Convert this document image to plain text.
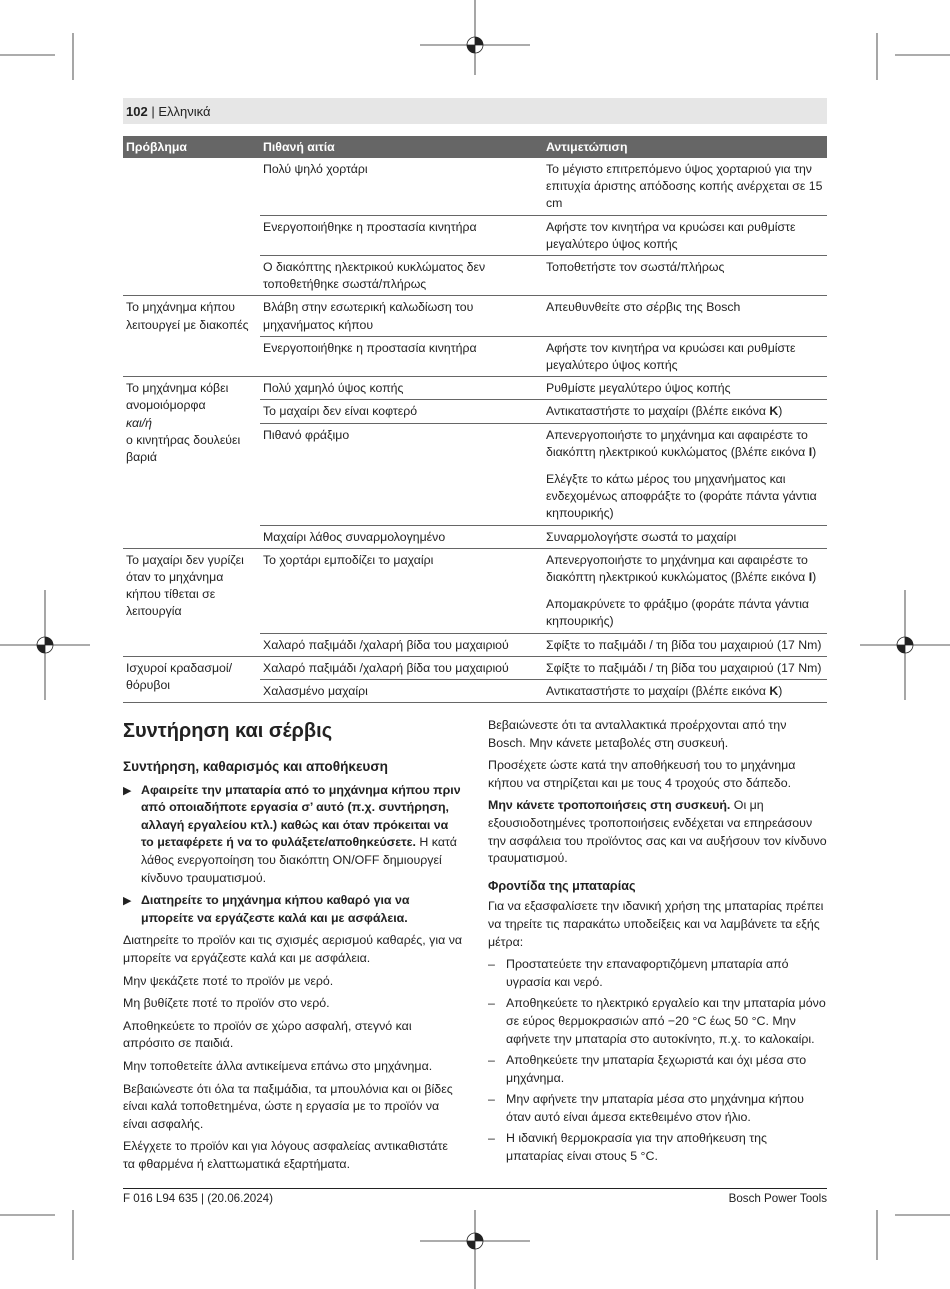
102 | Ελληνικά
Πρόβλημα	Πιθανή αιτία	Αντιμετώπιση
	Πολύ ψηλό χορτάρι	Το μέγιστο επιτρεπόμενο ύψος χορταριού για την επιτυχία άριστης απόδοσης κοπής ανέρχεται σε 15 cm
	Ενεργοποιήθηκε η προστασία κινητήρα	Αφήστε τον κινητήρα να κρυώσει και ρυθμίστε μεγαλύτερο ύψος κοπής
	Ο διακόπτης ηλεκτρικού κυκλώματος δεν τοποθετήθηκε σωστά/πλήρως	Τοποθετήστε τον σωστά/πλήρως
Το μηχάνημα κήπου λειτουργεί με διακοπές	Βλάβη στην εσωτερική καλωδίωση του μηχανήματος κήπου	Απευθυνθείτε στο σέρβις της Bosch
	Ενεργοποιήθηκε η προστασία κινητήρα	Αφήστε τον κινητήρα να κρυώσει και ρυθμίστε μεγαλύτερο ύψος κοπής

Το μηχάνημα κόβει ανομοιόμορφα
και/ή
ο κινητήρας δουλεύει βαριά	Πολύ χαμηλό ύψος κοπής	Ρυθμίστε μεγαλύτερο ύψος κοπής
	Το μαχαίρι δεν είναι κοφτερό	Αντικαταστήστε το μαχαίρι (βλέπε εικόνα K)
	Πιθανό φράξιμο	Απενεργοποιήστε το μηχάνημα και αφαιρέστε το διακόπτη ηλεκτρικού κυκλώματος (βλέπε εικόνα I)
		Ελέγξτε το κάτω μέρος του μηχανήματος και ενδεχομένως αποφράξτε το (φοράτε πάντα γάντια κηπουρικής)
	Μαχαίρι λάθος συναρμολογημένο	Συναρμολογήστε σωστά το μαχαίρι
Το μαχαίρι δεν γυρίζει όταν το μηχάνημα κήπου τίθεται σε λειτουργία	Το χορτάρι εμποδίζει το μαχαίρι	Απενεργοποιήστε το μηχάνημα και αφαιρέστε το διακόπτη ηλεκτρικού κυκλώματος (βλέπε εικόνα I)
		Απομακρύνετε το φράξιμο (φοράτε πάντα γάντια κηπουρικής)
	Χαλαρό παξιμάδι /χαλαρή βίδα του μαχαιριού	Σφίξτε το παξιμάδι / τη βίδα του μαχαιριού (17 Nm)
Ισχυροί κραδασμοί/ θόρυβοι	Χαλαρό παξιμάδι /χαλαρή βίδα του μαχαιριού	Σφίξτε το παξιμάδι / τη βίδα του μαχαιριού (17 Nm)
	Χαλασμένο μαχαίρι	Αντικαταστήστε το μαχαίρι (βλέπε εικόνα K)
Συντήρηση και σέρβις
Συντήρηση, καθαρισμός και αποθήκευση
▶ Αφαιρείτε την μπαταρία από το μηχάνημα κήπου πριν από οποιαδήποτε εργασία σ’ αυτό (π.χ. συντήρηση, αλλαγή εργαλείου κτλ.) καθώς και όταν πρόκειται να το μεταφέρετε ή να το φυλάξετε/αποθηκεύσετε. Η κατά λάθος ενεργοποίηση του διακόπτη ON/OFF δημιουργεί κίνδυνο τραυματισμού.
▶ Διατηρείτε το μηχάνημα κήπου καθαρό για να μπορείτε να εργάζεστε καλά και με ασφάλεια.

Διατηρείτε το προϊόν και τις σχισμές αερισμού καθαρές, για να μπορείτε να εργάζεστε καλά και με ασφάλεια.

Μην ψεκάζετε ποτέ το προϊόν με νερό.

Μη βυθίζετε ποτέ το προϊόν στο νερό.

Αποθηκεύετε το προϊόν σε χώρο ασφαλή, στεγνό και απρόσιτο σε παιδιά.

Μην τοποθετείτε άλλα αντικείμενα επάνω στο μηχάνημα.

Βεβαιώνεστε ότι όλα τα παξιμάδια, τα μπουλόνια και οι βίδες είναι καλά τοποθετημένα, ώστε η εργασία με το προϊόν να είναι ασφαλής.

Ελέγχετε το προϊόν και για λόγους ασφαλείας αντικαθιστάτε τα φθαρμένα ή ελαττωματικά εξαρτήματα.

Βεβαιώνεστε ότι τα ανταλλακτικά προέρχονται από την Bosch. Μην κάνετε μεταβολές στη συσκευή.

Προσέχετε ώστε κατά την αποθήκευσή του το μηχάνημα κήπου να στηρίζεται και με τους 4 τροχούς στο δάπεδο.

Μην κάνετε τροποποιήσεις στη συσκευή. Οι μη εξουσιοδοτημένες τροποποιήσεις ενδέχεται να επηρεάσουν την ασφάλεια του προϊόντος σας και να αυξήσουν τον κίνδυνο τραυματισμού.

Φροντίδα της μπαταρίας

Για να εξασφαλίσετε την ιδανική χρήση της μπαταρίας πρέπει να τηρείτε τις παρακάτω υποδείξεις και να λαμβάνετε τα εξής μέτρα:

– Προστατεύετε την επαναφορτιζόμενη μπαταρία από υγρασία και νερό.
– Αποθηκεύετε το ηλεκτρικό εργαλείο και την μπαταρία μόνο σε εύρος θερμοκρασιών από −20 °C έως 50 °C. Μην αφήνετε την μπαταρία στο αυτοκίνητο, π.χ. το καλοκαίρι.
– Αποθηκεύετε την μπαταρία ξεχωριστά και όχι μέσα στο μηχάνημα.
– Μην αφήνετε την μπαταρία μέσα στο μηχάνημα κήπου όταν αυτό είναι άμεσα εκτεθειμένο στον ήλιο.
– Η ιδανική θερμοκρασία για την αποθήκευση της μπαταρίας είναι στους 5 °C.
F 016 L94 635 | (20.06.2024)	Bosch Power Tools
